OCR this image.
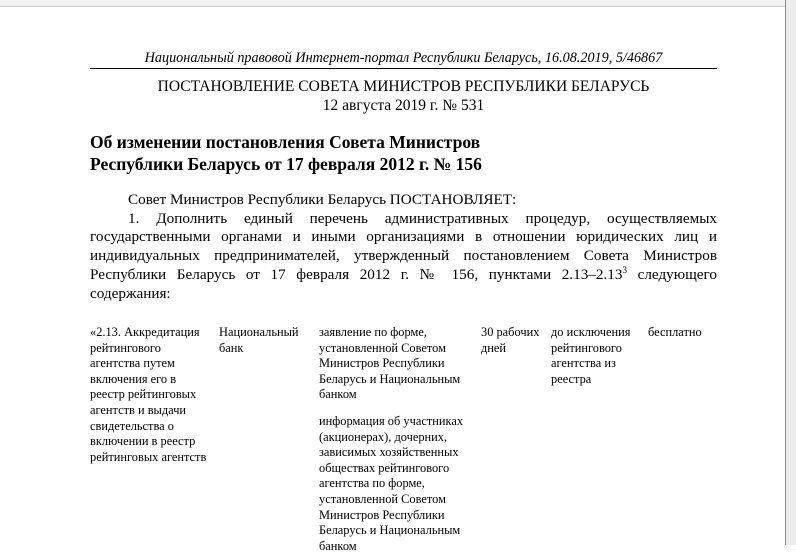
Национальный правовой Интернет-портал Республики Беларусь, 16.08.2019, 5/46867
ПОСТАНОВЛЕНИЕ СОВЕТА МИНИСТРОВ РЕСПУБЛИКИ БЕЛАРУСЬ
12 августа 2019 г. № 531
Об изменении постановления Совета Министров
Республики Беларусь от 17 февраля 2012 г. № 156

Совет Министров Республики Беларусь ПОСТАНОВЛЯЕТ:

1. Дополнить единый перечень административных процедур, осуществляемых

государственными органами и иными организациями в отношении юридических лиц и

индивидуальных предпринимателей, утвержденный постановлением Совета Министров

Республики Беларусь от 17 февраля 2012 г. № 156, пунктами 2.13–2.13$^3$ следующего

содержания:

«2.13. Аккредитация
рейтингового
агентства путем
включения его в
реестр рейтинговых
агентств и выдачи
свидетельства о
включении в реестр
рейтинговых агентств
Национальный
банк
заявление по форме,
установленной Советом
Министров Республики
Беларусь и Национальным
банком
информация об участниках
(акционерах), дочерних,
зависимых хозяйственных
обществах рейтингового
агентства по форме,
установленной Советом
Министров Республики
Беларусь и Национальным
банком
30 рабочих
дней
до исключения
рейтингового
агентства из
реестра
бесплатно
